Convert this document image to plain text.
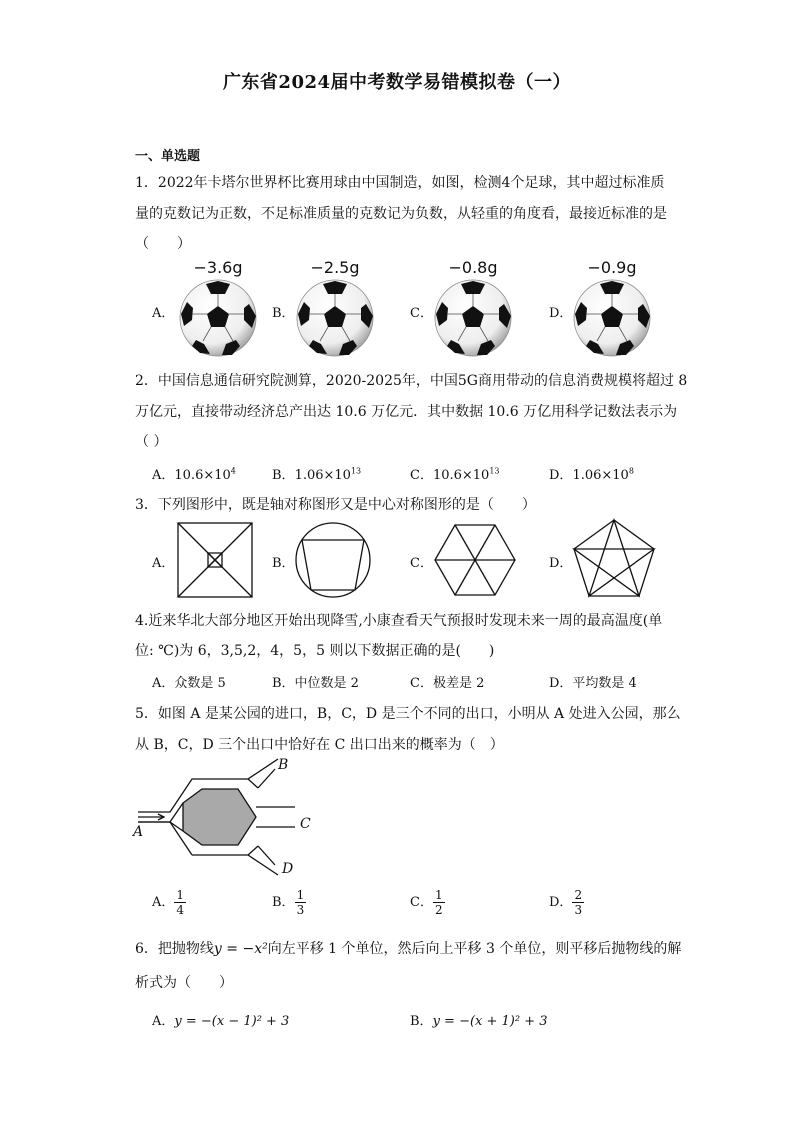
广东省2024届中考数学易错模拟卷（一）
一、单选题
1．2022年卡塔尔世界杯比赛用球由中国制造，如图，检测4个足球，其中超过标准质
量的克数记为正数，不足标准质量的克数记为负数，从轻重的角度看，最接近标准的是
（　　）
A．
−3.6g
B．
−2.5g
C．
−0.8g
D．
−0.9g
2．中国信息通信研究院测算，2020-2025年，中国5G商用带动的信息消费规模将超过 8
万亿元，直接带动经济总产出达 10.6 万亿元．其中数据 10.6 万亿用科学记数法表示为
（ ）
A．$10.6\times 10^4$	B．$1.06\times 10^{13}$	C．$10.6\times 10^{13}$	D．$1.06\times 10^8$
3．下列图形中，既是轴对称图形又是中心对称图形的是（　　）
A．	B．	C．	D．
4.近来华北大部分地区开始出现降雪,小康查看天气预报时发现未来一周的最高温度(单
位: ℃)为 6，3,5,2，4，5，5 则以下数据正确的是(　　)
A．众数是 5	B．中位数是 2	C．极差是 2	D．平均数是 4
5．如图 A 是某公园的进口，B，C，D 是三个不同的出口，小明从 A 处进入公园，那么
从 B，C，D 三个出口中恰好在 C 出口出来的概率为（　）
B
C
D
A
A． $\frac{1}{4}$	B． $\frac{1}{3}$	C． $\frac{1}{2}$	D． $\frac{2}{3}$
6．把抛物线y = −x²向左平移 1 个单位，然后向上平移 3 个单位，则平移后抛物线的解
析式为（　　）
A．y = −(x − 1)² + 3	B．y = −(x + 1)² + 3
